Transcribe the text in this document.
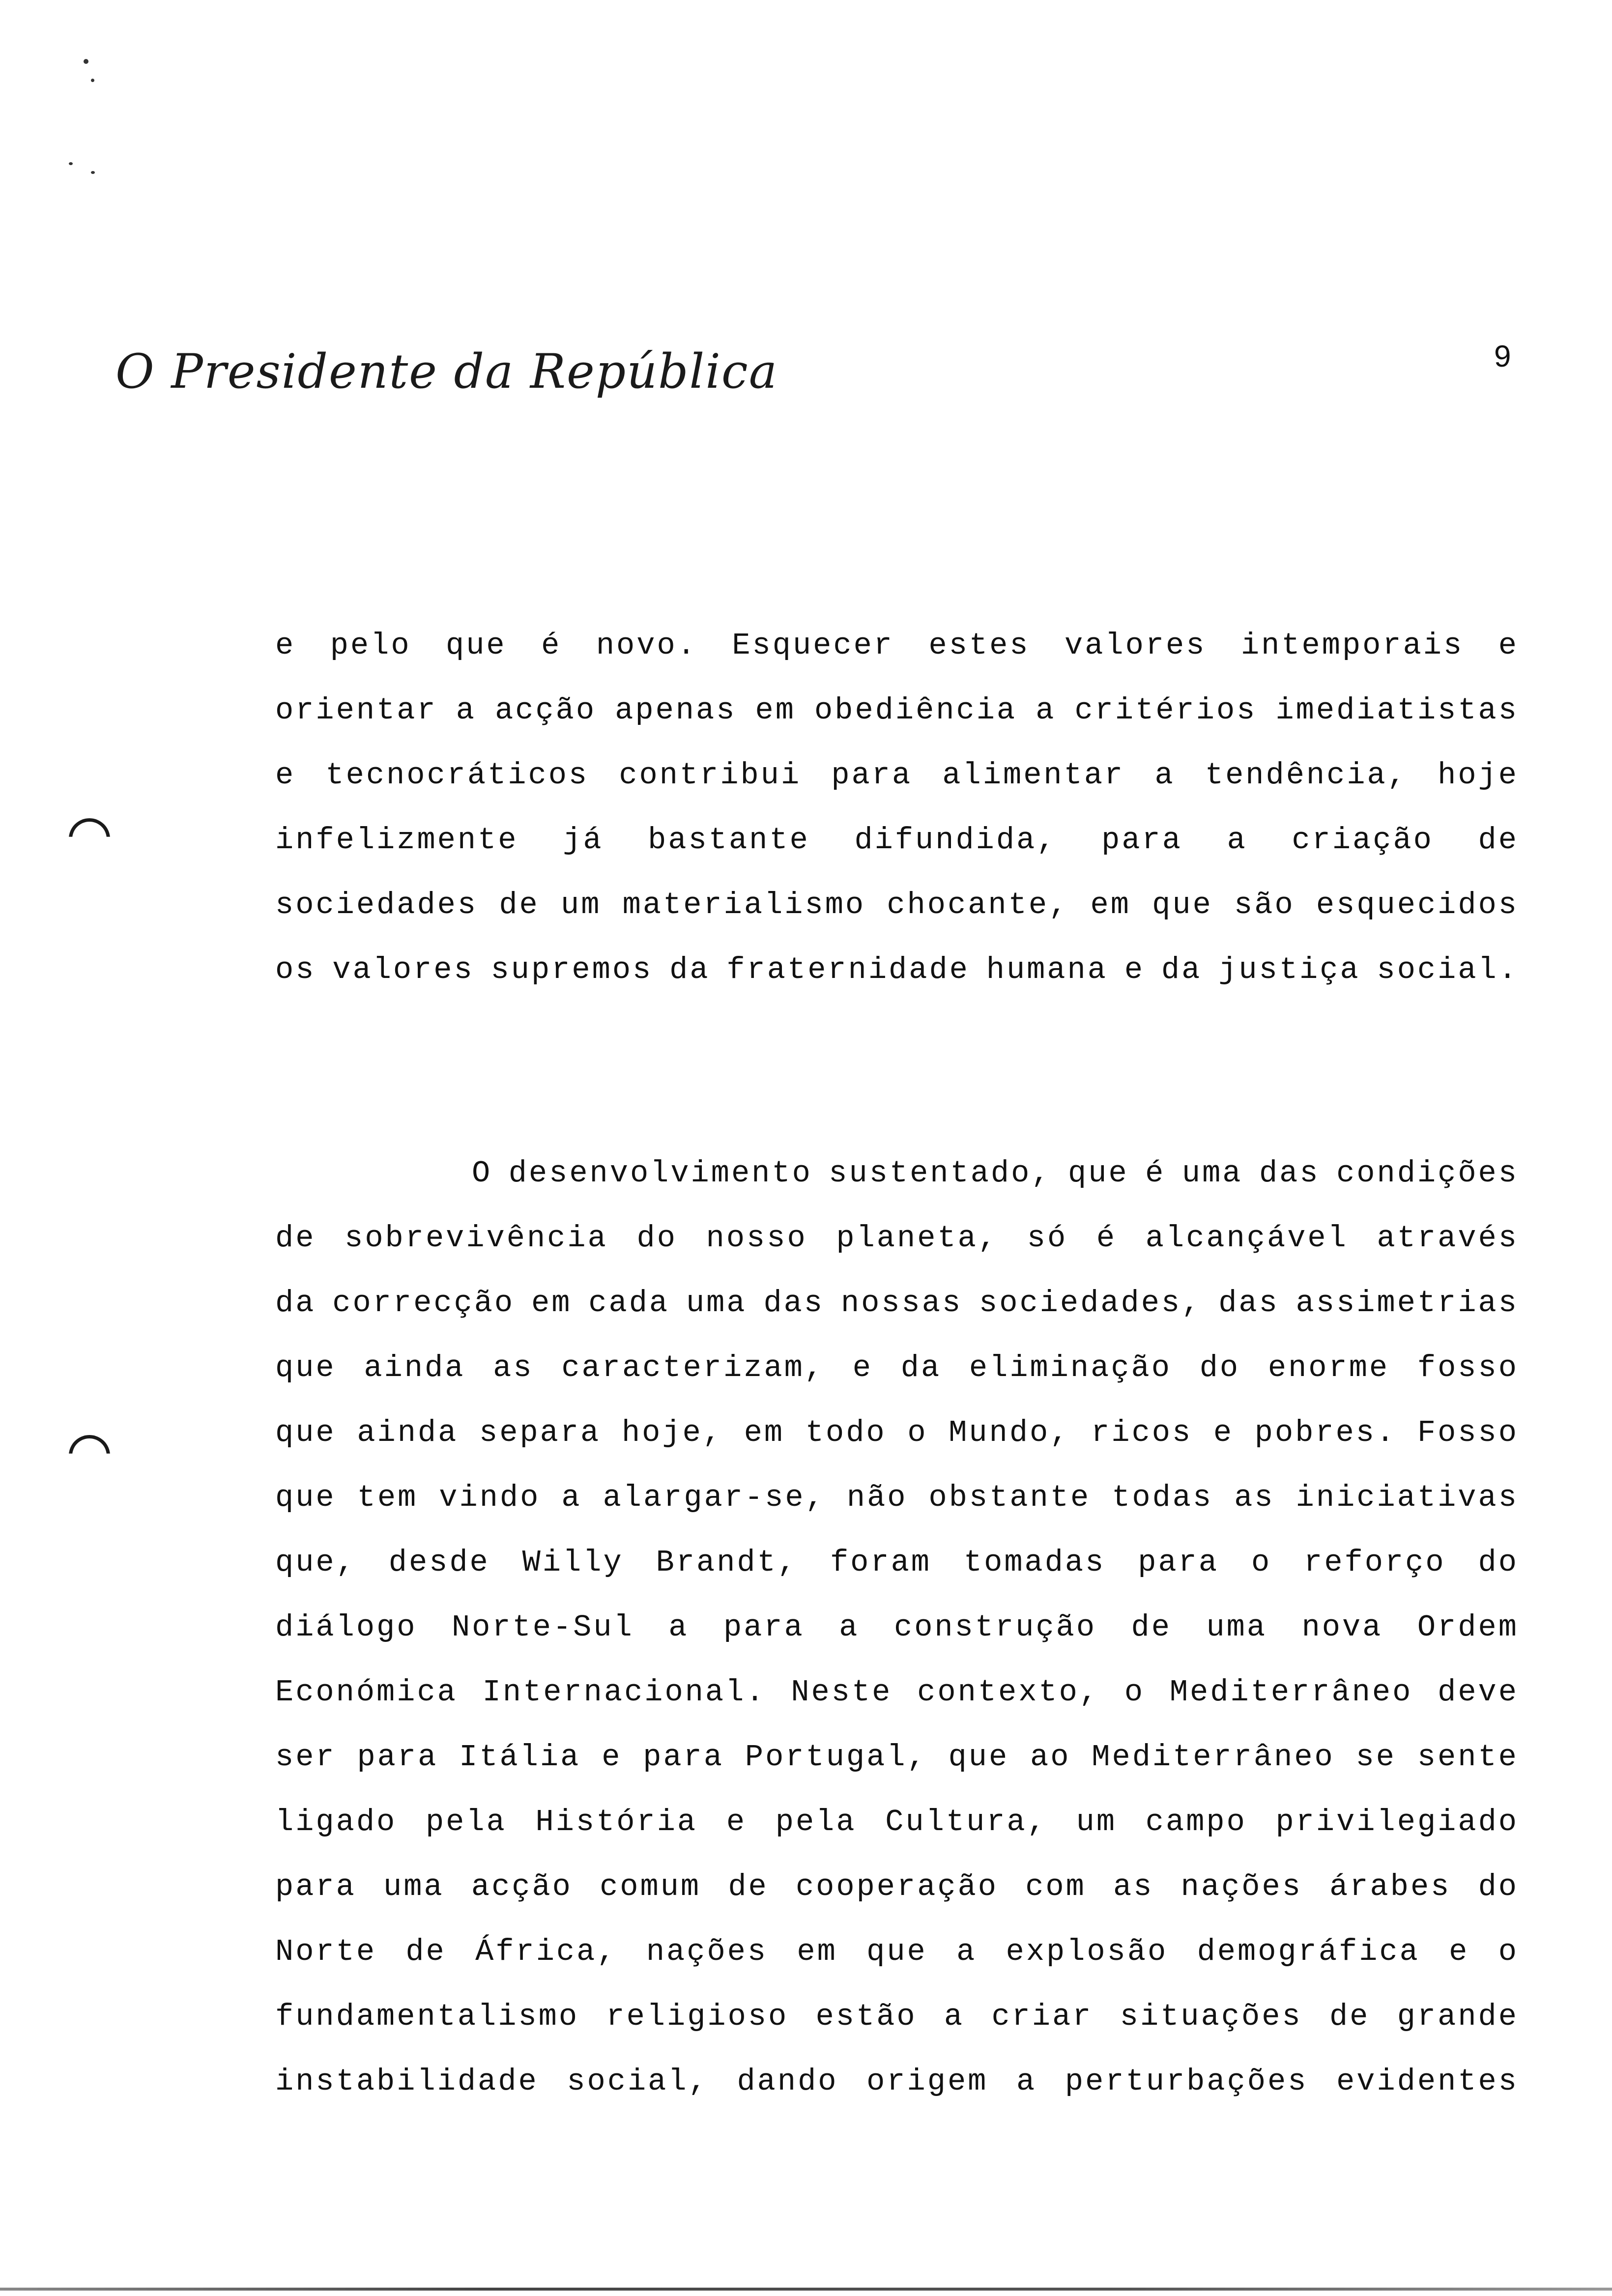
O Presidente da República	9
e pelo que é novo. Esquecer estes valores intemporais e
orientar a acção apenas em obediência a critérios imediatistas
e tecnocráticos contribui para alimentar a tendência, hoje
infelizmente já bastante difundida, para a criação de
sociedades de um materialismo chocante, em que são esquecidos
os valores supremos da fraternidade humana e da justiça social.
O desenvolvimento sustentado, que é uma das condições
de sobrevivência do nosso planeta, só é alcançável através
da correcção em cada uma das nossas sociedades, das assimetrias
que ainda as caracterizam, e da eliminação do enorme fosso
que ainda separa hoje, em todo o Mundo, ricos e pobres. Fosso
que tem vindo a alargar-se, não obstante todas as iniciativas
que, desde Willy Brandt, foram tomadas para o reforço do
diálogo Norte-Sul a para a construção de uma nova Ordem
Económica Internacional. Neste contexto, o Mediterrâneo deve
ser para Itália e para Portugal, que ao Mediterrâneo se sente
ligado pela História e pela Cultura, um campo privilegiado
para uma acção comum de cooperação com as nações árabes do
Norte de África, nações em que a explosão demográfica e o
fundamentalismo religioso estão a criar situações de grande
instabilidade social, dando origem a perturbações evidentes
